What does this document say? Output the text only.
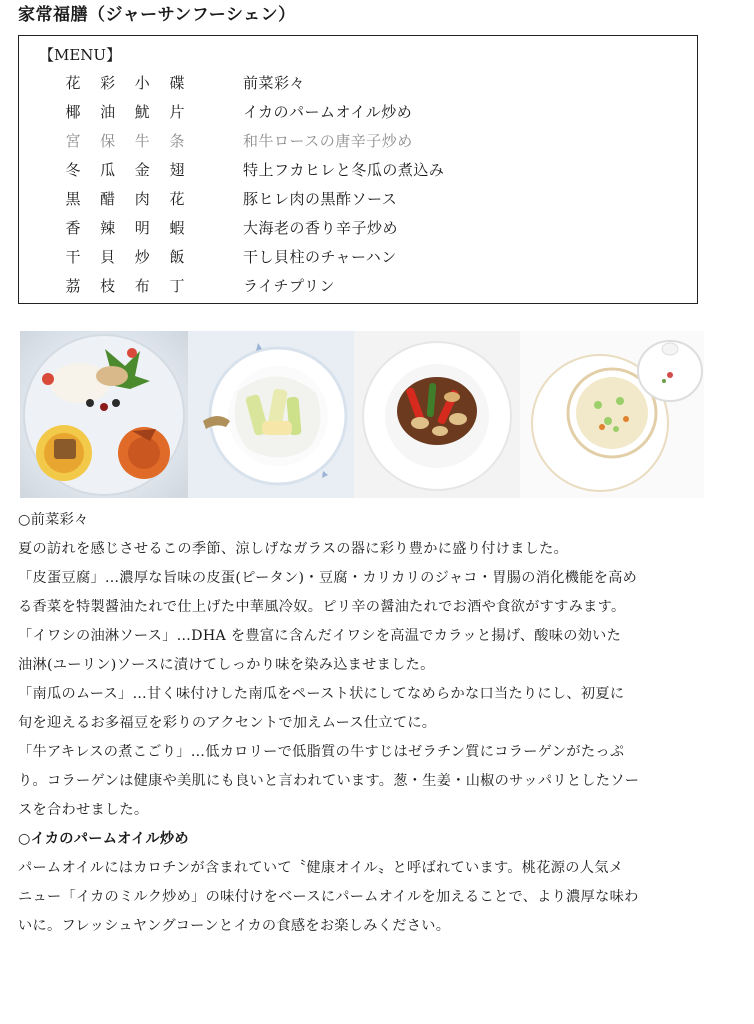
家常福膳（ジャーサンフーシェン）
【MENU】
花 彩 小 碟	前菜彩々
椰 油 魷 片	イカのパームオイル炒め
宮 保 牛 条	和牛ロースの唐辛子炒め
冬 瓜 金 翅	特上フカヒレと冬瓜の煮込み
黒 醋 肉 花	豚ヒレ肉の黒酢ソース
香 辣 明 蝦	大海老の香り辛子炒め
干 貝 炒 飯	干し貝柱のチャーハン
茘 枝 布 丁	ライチプリン

○前菜彩々

夏の訪れを感じさせるこの季節、涼しげなガラスの器に彩り豊かに盛り付けました。

「皮蛋豆腐」…濃厚な旨味の皮蛋(ピータン)・豆腐・カリカリのジャコ・胃腸の消化機能を高め

る香菜を特製醤油たれで仕上げた中華風冷奴。ピリ辛の醤油たれでお酒や食欲がすすみます。

「イワシの油淋ソース」…DHA を豊富に含んだイワシを高温でカラッと揚げ、酸味の効いた

油淋(ユーリン)ソースに漬けてしっかり味を染み込ませました。

「南瓜のムース」…甘く味付けした南瓜をペースト状にしてなめらかな口当たりにし、初夏に

旬を迎えるお多福豆を彩りのアクセントで加えムース仕立てに。

「牛アキレスの煮こごり」…低カロリーで低脂質の牛すじはゼラチン質にコラーゲンがたっぷ

り。コラーゲンは健康や美肌にも良いと言われています。葱・生姜・山椒のサッパリとしたソー

スを合わせました。

○イカのパームオイル炒め

パームオイルにはカロチンが含まれていて〝健康オイル〟と呼ばれています。桃花源の人気メ

ニュー「イカのミルク炒め」の味付けをベースにパームオイルを加えることで、より濃厚な味わ

いに。フレッシュヤングコーンとイカの食感をお楽しみください。
